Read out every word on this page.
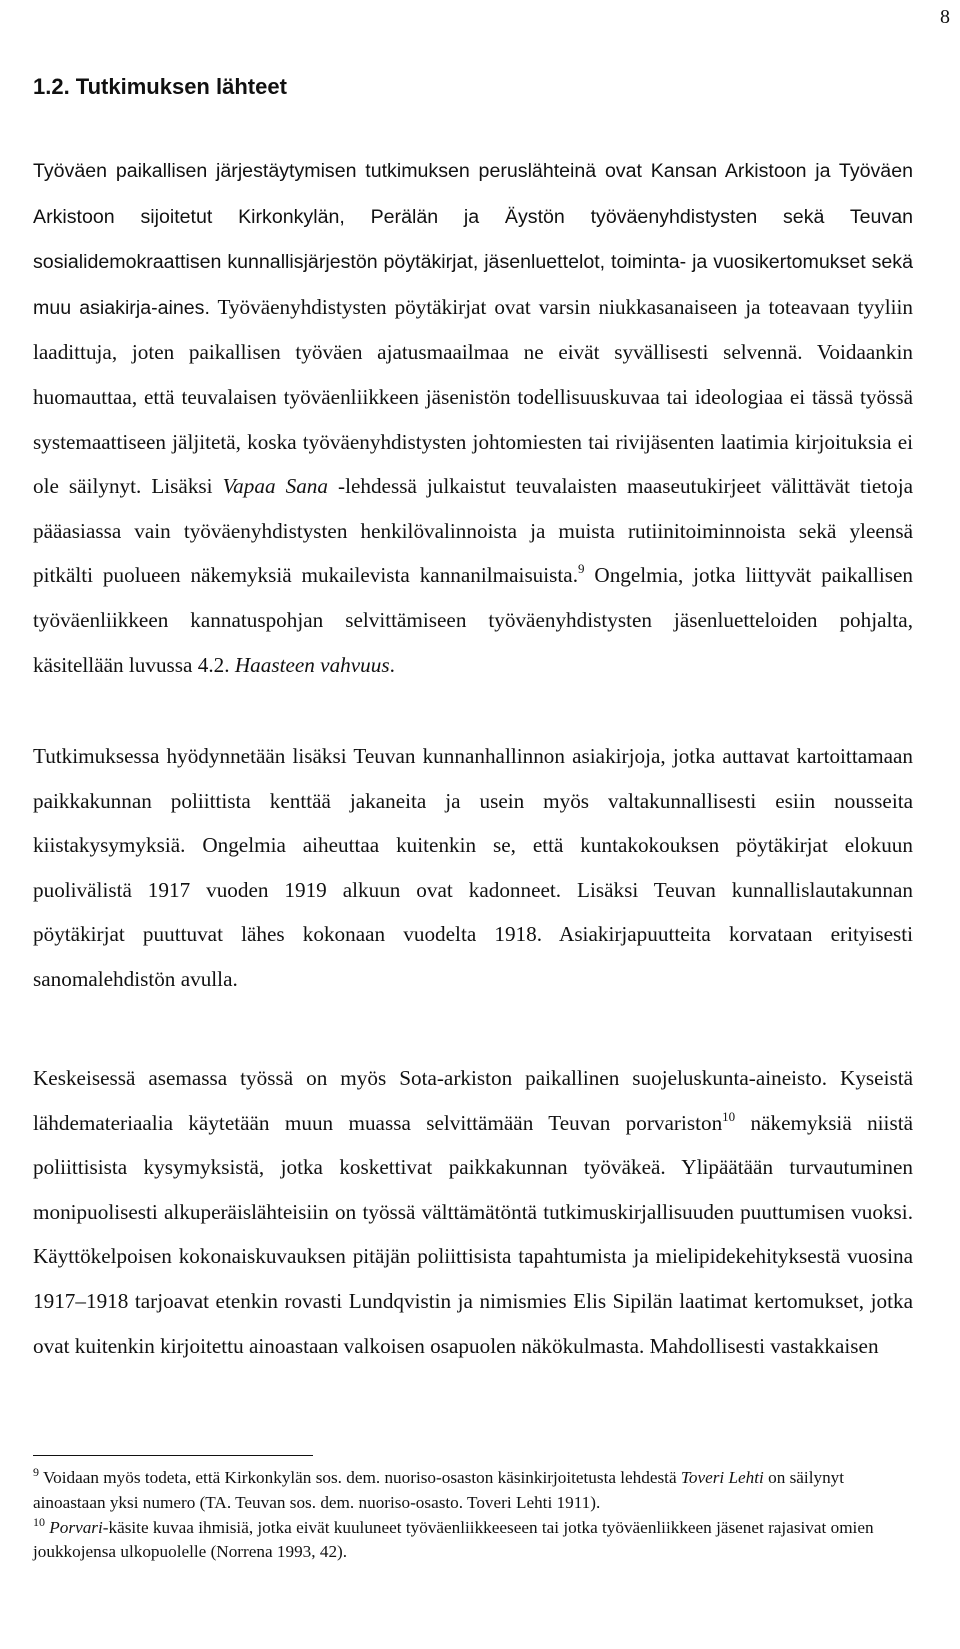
8
1.2. Tutkimuksen lähteet

Työväen paikallisen järjestäytymisen tutkimuksen peruslähteinä ovat Kansan Arkistoon ja Työväen Arkistoon sijoitetut Kirkonkylän, Perälän ja Äystön työväenyhdistysten sekä Teuvan sosialidemokraattisen kunnallisjärjestön pöytäkirjat, jäsenluettelot, toiminta- ja vuosikertomukset sekä muu asiakirja-aines. Työväenyhdistysten pöytäkirjat ovat varsin niukkasanaiseen ja toteavaan tyyliin laadittuja, joten paikallisen työväen ajatusmaailmaa ne eivät syvällisesti selvennä. Voidaankin huomauttaa, että teuvalaisen työväenliikkeen jäsenistön todellisuuskuvaa tai ideologiaa ei tässä työssä systemaattiseen jäljitetä, koska työväenyhdistysten johtomiesten tai rivijäsenten laatimia kirjoituksia ei ole säilynyt. Lisäksi Vapaa Sana -lehdessä julkaistut teuvalaisten maaseutukirjeet välittävät tietoja pääasiassa vain työväenyhdistysten henkilövalinnoista ja muista rutiinitoiminnoista sekä yleensä pitkälti puolueen näkemyksiä mukailevista kannanilmaisuista.$^9$ Ongelmia, jotka liittyvät paikallisen työväenliikkeen kannatuspohjan selvittämiseen työväenyhdistysten jäsenluetteloiden pohjalta, käsitellään luvussa 4.2. Haasteen vahvuus.

Tutkimuksessa hyödynnetään lisäksi Teuvan kunnanhallinnon asiakirjoja, jotka auttavat kartoittamaan paikkakunnan poliittista kenttää jakaneita ja usein myös valtakunnallisesti esiin nousseita kiistakysymyksiä. Ongelmia aiheuttaa kuitenkin se, että kuntakokouksen pöytäkirjat elokuun puolivälistä 1917 vuoden 1919 alkuun ovat kadonneet. Lisäksi Teuvan kunnallislautakunnan pöytäkirjat puuttuvat lähes kokonaan vuodelta 1918. Asiakirjapuutteita korvataan erityisesti sanomalehdistön avulla.

Keskeisessä asemassa työssä on myös Sota-arkiston paikallinen suojeluskunta-aineisto. Kyseistä lähdemateriaalia käytetään muun muassa selvittämään Teuvan porvariston$^{10}$ näkemyksiä niistä poliittisista kysymyksistä, jotka koskettivat paikkakunnan työväkeä. Ylipäätään turvautuminen monipuolisesti alkuperäislähteisiin on työssä välttämätöntä tutkimuskirjallisuuden puuttumisen vuoksi. Käyttökelpoisen kokonaiskuvauksen pitäjän poliittisista tapahtumista ja mielipidekehityksestä vuosina 1917–1918 tarjoavat etenkin rovasti Lundqvistin ja nimismies Elis Sipilän laatimat kertomukset, jotka ovat kuitenkin kirjoitettu ainoastaan valkoisen osapuolen näkökulmasta. Mahdollisesti vastakkaisen

$^9$ Voidaan myös todeta, että Kirkonkylän sos. dem. nuoriso-osaston käsinkirjoitetusta lehdestä Toveri Lehti on säilynyt ainoastaan yksi numero (TA. Teuvan sos. dem. nuoriso-osasto. Toveri Lehti 1911).

$^{10}$ Porvari-käsite kuvaa ihmisiä, jotka eivät kuuluneet työväenliikkeeseen tai jotka työväenliikkeen jäsenet rajasivat omien joukkojensa ulkopuolelle (Norrena 1993, 42).
